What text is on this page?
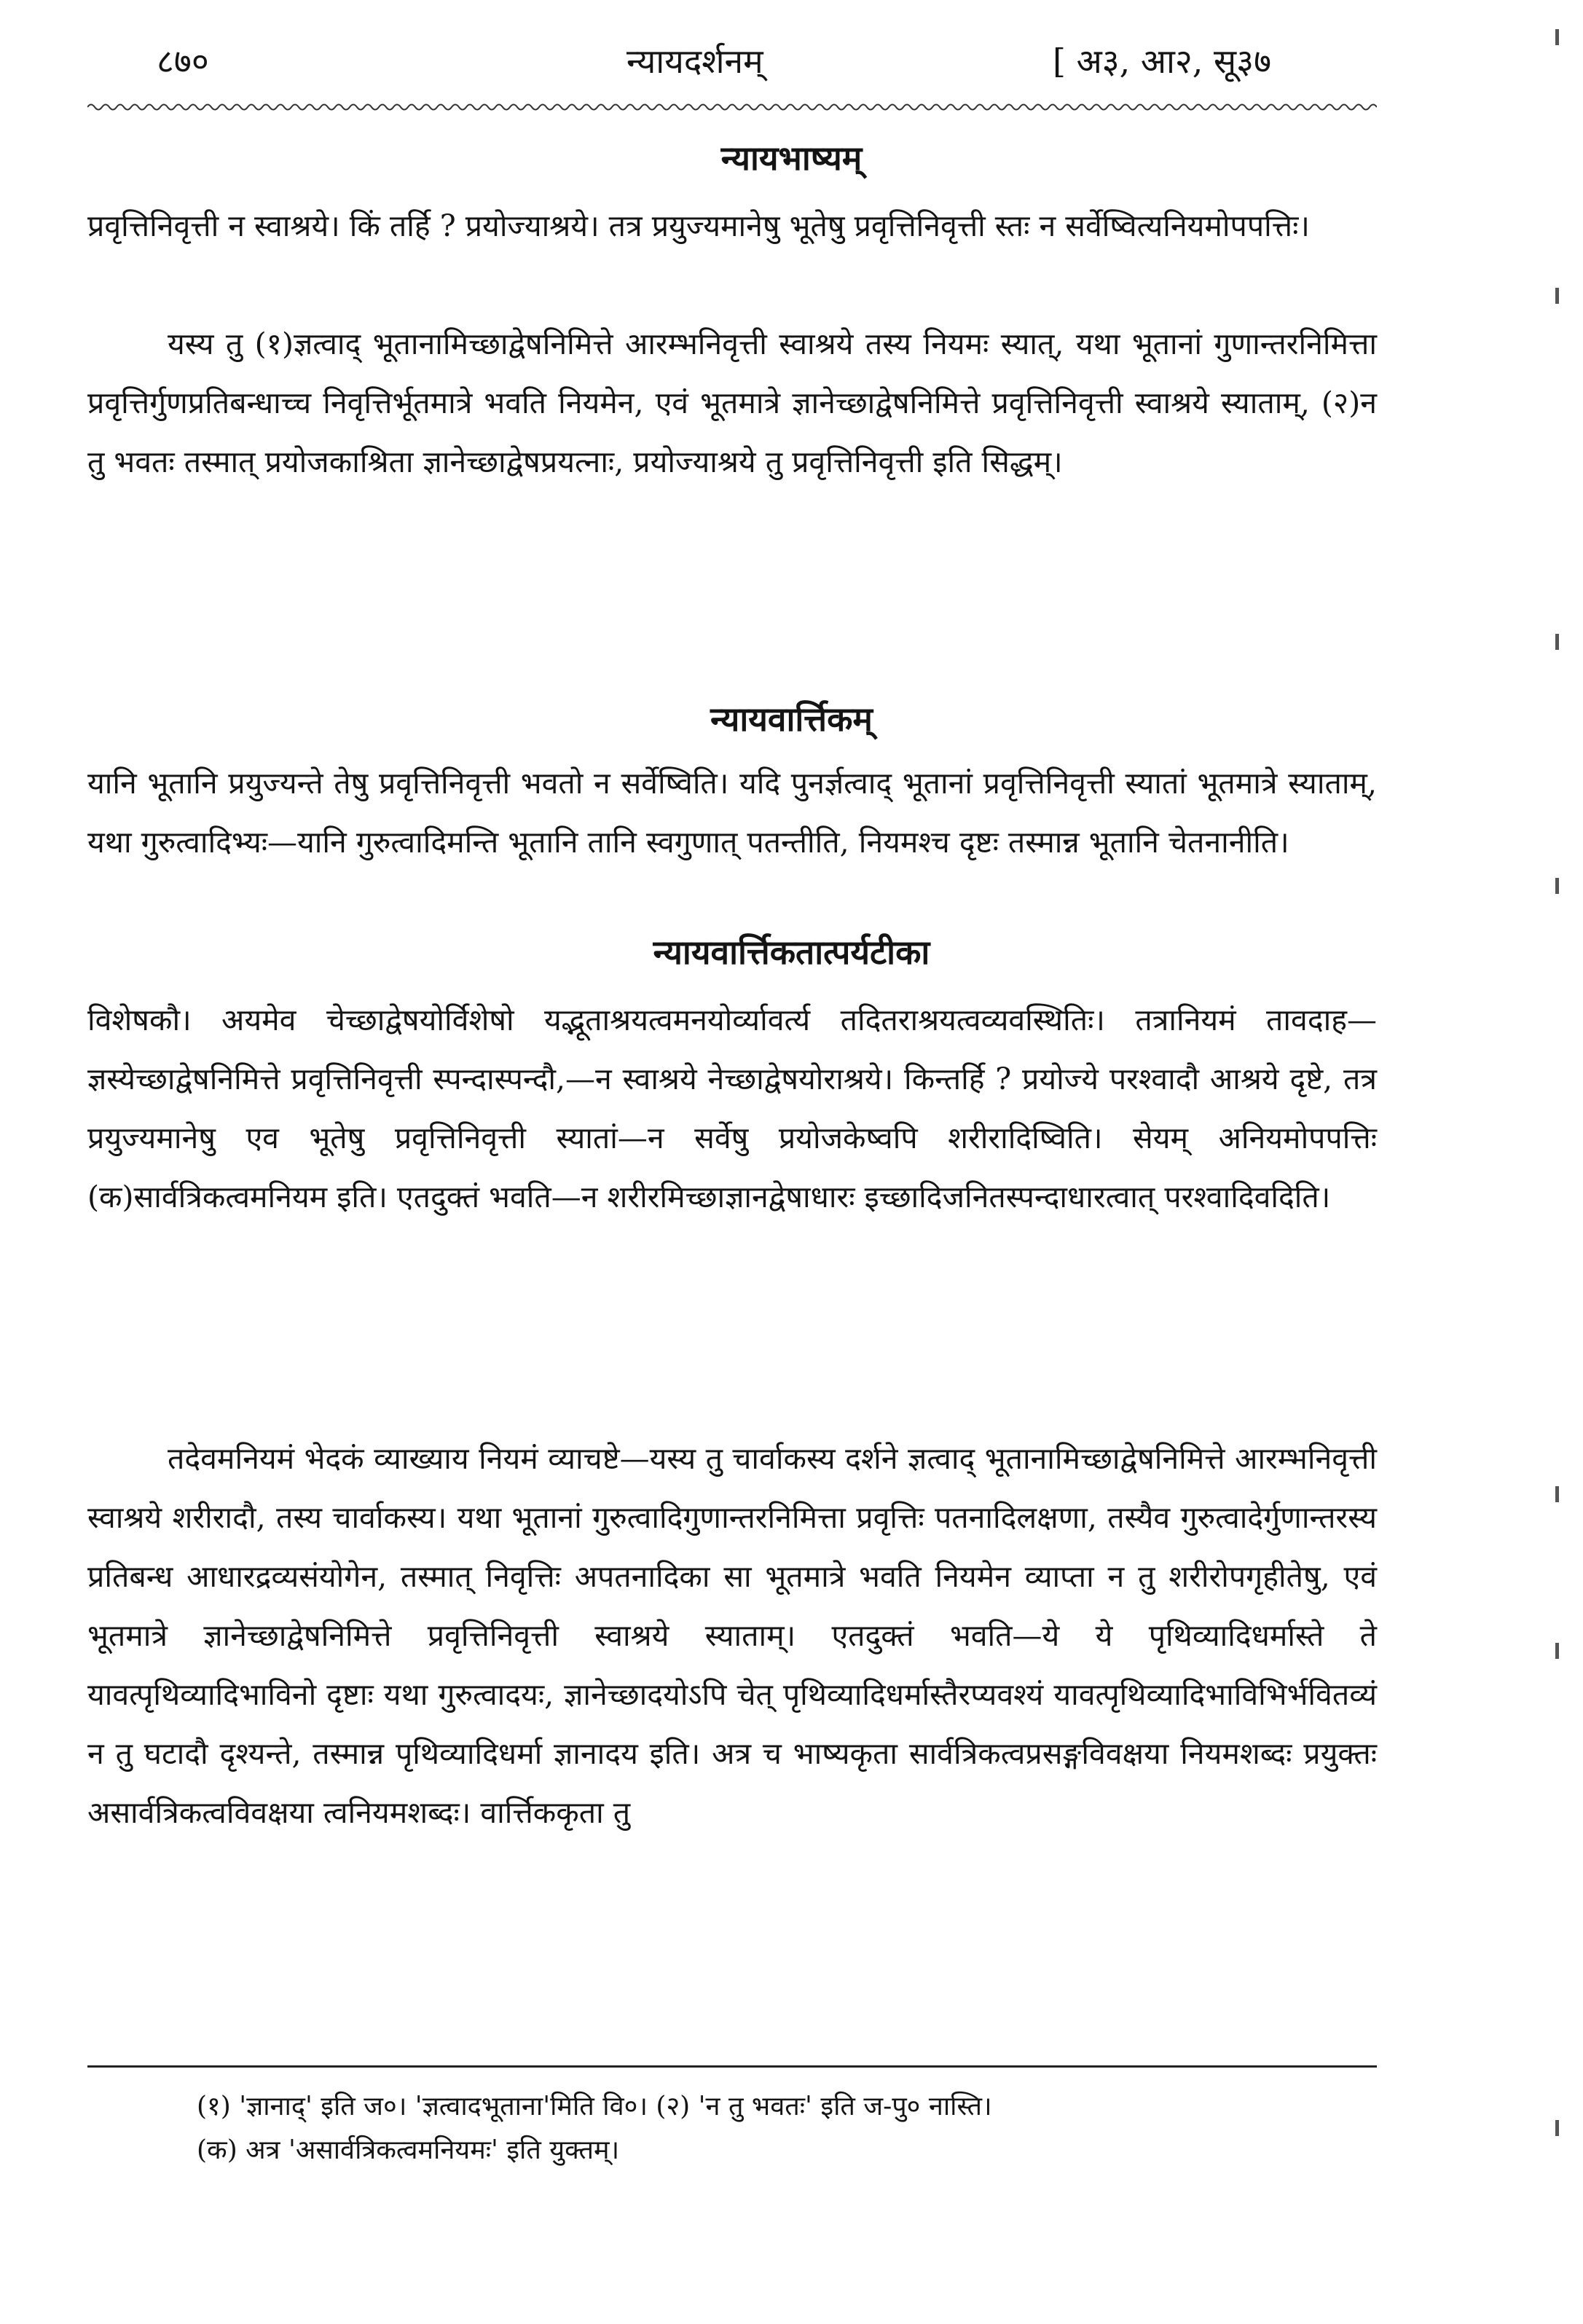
८७०	न्यायदर्शनम्	[ अ३, आ२, सू३७
न्यायभाष्यम्
प्रवृत्तिनिवृत्ती न स्वाश्रये। किं तर्हि ? प्रयोज्याश्रये। तत्र प्रयुज्यमानेषु भूतेषु प्रवृत्तिनिवृत्ती स्तः न सर्वेष्वित्यनियमोपपत्तिः।
यस्य तु (१)ज्ञत्वाद् भूतानामिच्छाद्वेषनिमित्ते आरम्भनिवृत्ती स्वाश्रये तस्य नियमः स्यात्, यथा भूतानां गुणान्तरनिमित्ता प्रवृत्तिर्गुणप्रतिबन्धाच्च निवृत्तिर्भूतमात्रे भवति नियमेन, एवं भूतमात्रे ज्ञानेच्छाद्वेषनिमित्ते प्रवृत्तिनिवृत्ती स्वाश्रये स्याताम्, (२)न तु भवतः तस्मात् प्रयोजकाश्रिता ज्ञानेच्छाद्वेषप्रयत्नाः, प्रयोज्याश्रये तु प्रवृत्तिनिवृत्ती इति सिद्धम्।
न्यायवार्त्तिकम्
यानि भूतानि प्रयुज्यन्ते तेषु प्रवृत्तिनिवृत्ती भवतो न सर्वेष्विति। यदि पुनर्ज्ञत्वाद् भूतानां प्रवृत्तिनिवृत्ती स्यातां भूतमात्रे स्याताम्, यथा गुरुत्वादिभ्यः—यानि गुरुत्वादिमन्ति भूतानि तानि स्वगुणात् पतन्तीति, नियमश्च दृष्टः तस्मान्न भूतानि चेतनानीति।
न्यायवार्त्तिकतात्पर्यटीका
विशेषकौ। अयमेव चेच्छाद्वेषयोर्विशेषो यद्भूताश्रयत्वमनयोर्व्यावर्त्य तदितराश्रयत्वव्यवस्थितिः। तत्रानियमं तावदाह—ज्ञस्येच्छाद्वेषनिमित्ते प्रवृत्तिनिवृत्ती स्पन्दास्पन्दौ,—न स्वाश्रये नेच्छाद्वेषयोराश्रये। किन्तर्हि ? प्रयोज्ये परश्वादौ आश्रये दृष्टे, तत्र प्रयुज्यमानेषु एव भूतेषु प्रवृत्तिनिवृत्ती स्यातां—न सर्वेषु प्रयोजकेष्वपि शरीरादिष्विति। सेयम् अनियमोपपत्तिः (क)सार्वत्रिकत्वमनियम इति। एतदुक्तं भवति—न शरीरमिच्छाज्ञानद्वेषाधारः इच्छादिजनितस्पन्दाधारत्वात् परश्वादिवदिति।
तदेवमनियमं भेदकं व्याख्याय नियमं व्याचष्टे—यस्य तु चार्वाकस्य दर्शने ज्ञत्वाद् भूतानामिच्छाद्वेषनिमित्ते आरम्भनिवृत्ती स्वाश्रये शरीरादौ, तस्य चार्वाकस्य। यथा भूतानां गुरुत्वादिगुणान्तरनिमित्ता प्रवृत्तिः पतनादिलक्षणा, तस्यैव गुरुत्वादेर्गुणान्तरस्य प्रतिबन्ध आधारद्रव्यसंयोगेन, तस्मात् निवृत्तिः अपतनादिका सा भूतमात्रे भवति नियमेन व्याप्ता न तु शरीरोपगृहीतेषु, एवं भूतमात्रे ज्ञानेच्छाद्वेषनिमित्ते प्रवृत्तिनिवृत्ती स्वाश्रये स्याताम्। एतदुक्तं भवति—ये ये पृथिव्यादिधर्मास्ते ते यावत्पृथिव्यादिभाविनो दृष्टाः यथा गुरुत्वादयः, ज्ञानेच्छादयोऽपि चेत् पृथिव्यादिधर्मास्तैरप्यवश्यं यावत्पृथिव्यादिभाविभिर्भवितव्यं न तु घटादौ दृश्यन्ते, तस्मान्न पृथिव्यादिधर्मा ज्ञानादय इति। अत्र च भाष्यकृता सार्वत्रिकत्वप्रसङ्गविवक्षया नियमशब्दः प्रयुक्तः असार्वत्रिकत्वविवक्षया त्वनियमशब्दः। वार्त्तिककृता तु
(१) 'ज्ञानाद्' इति ज०। 'ज्ञत्वादभूताना'मिति वि०। (२) 'न तु भवतः' इति ज-पु० नास्ति।
(क) अत्र 'असार्वत्रिकत्वमनियमः' इति युक्तम्।
